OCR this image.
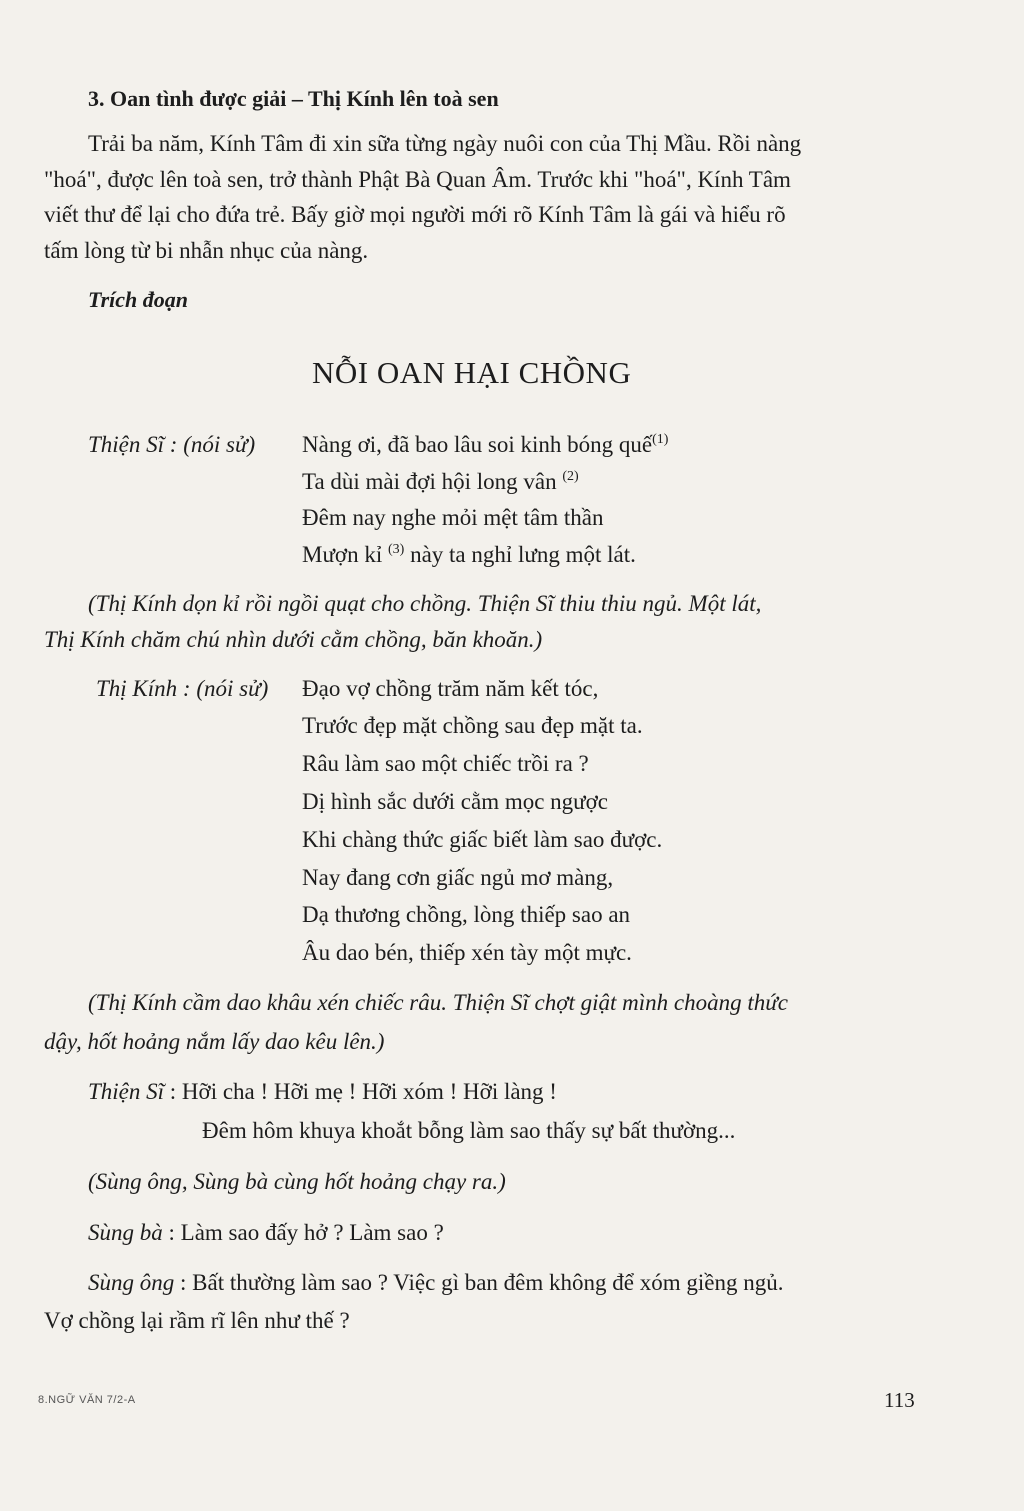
3. Oan tình được giải – Thị Kính lên toà sen
Trải ba năm, Kính Tâm đi xin sữa từng ngày nuôi con của Thị Mầu. Rồi nàng
"hoá", được lên toà sen, trở thành Phật Bà Quan Âm. Trước khi "hoá", Kính Tâm
viết thư để lại cho đứa trẻ. Bấy giờ mọi người mới rõ Kính Tâm là gái và hiểu rõ
tấm lòng từ bi nhẫn nhục của nàng.
Trích đoạn
NỖI OAN HẠI CHỒNG
Thiện Sĩ : (nói sử) Nàng ơi, đã bao lâu soi kinh bóng quế$^{(1)}$
Ta dùi mài đợi hội long vân $^{(2)}$
Đêm nay nghe mỏi mệt tâm thần
Mượn kỉ $^{(3)}$ này ta nghỉ lưng một lát.
(Thị Kính dọn kỉ rồi ngồi quạt cho chồng. Thiện Sĩ thiu thiu ngủ. Một lát,
Thị Kính chăm chú nhìn dưới cằm chồng, băn khoăn.)
Thị Kính : (nói sử) Đạo vợ chồng trăm năm kết tóc,
Trước đẹp mặt chồng sau đẹp mặt ta.
Râu làm sao một chiếc trồi ra ?
Dị hình sắc dưới cằm mọc ngược
Khi chàng thức giấc biết làm sao được.
Nay đang cơn giấc ngủ mơ màng,
Dạ thương chồng, lòng thiếp sao an
Âu dao bén, thiếp xén tày một mực.
(Thị Kính cầm dao khâu xén chiếc râu. Thiện Sĩ chợt giật mình choàng thức
dậy, hốt hoảng nắm lấy dao kêu lên.)
Thiện Sĩ : Hỡi cha ! Hỡi mẹ ! Hỡi xóm ! Hỡi làng !
Đêm hôm khuya khoắt bỗng làm sao thấy sự bất thường...
(Sùng ông, Sùng bà cùng hốt hoảng chạy ra.)
Sùng bà : Làm sao đấy hở ? Làm sao ?
Sùng ông : Bất thường làm sao ? Việc gì ban đêm không để xóm giềng ngủ.
Vợ chồng lại rầm rĩ lên như thế ?
8.NGỮ VĂN 7/2-A	113
